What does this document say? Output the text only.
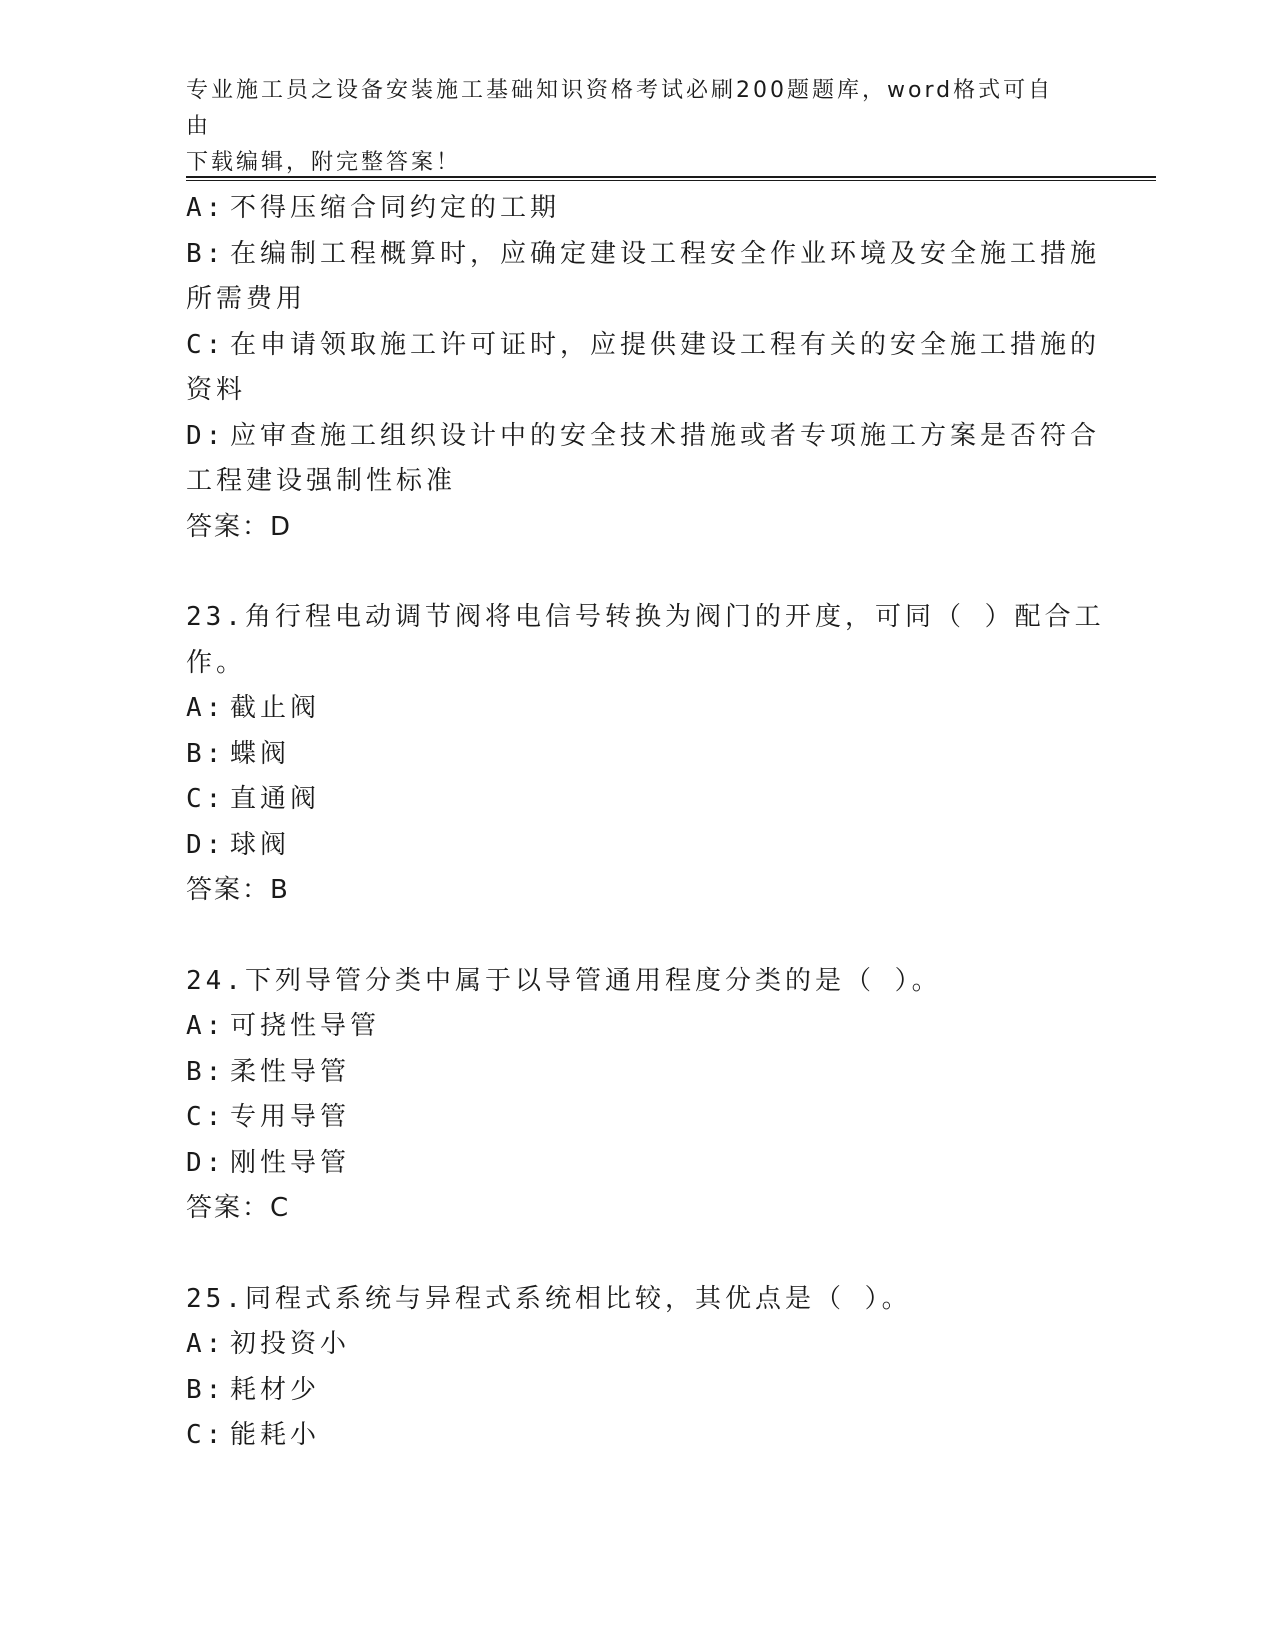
专业施工员之设备安装施工基础知识资格考试必刷200题题库，word格式可自由
下载编辑，附完整答案！
A: 不得压缩合同约定的工期
B: 在编制工程概算时，应确定建设工程安全作业环境及安全施工措施
所需费用
C: 在申请领取施工许可证时，应提供建设工程有关的安全施工措施的
资料
D: 应审查施工组织设计中的安全技术措施或者专项施工方案是否符合
工程建设强制性标准
答案：D
23.角行程电动调节阀将电信号转换为阀门的开度，可同（ ）配合工
作。
A: 截止阀
B: 蝶阀
C: 直通阀
D: 球阀
答案：B
24.下列导管分类中属于以导管通用程度分类的是（ ）。
A: 可挠性导管
B: 柔性导管
C: 专用导管
D: 刚性导管
答案：C
25.同程式系统与异程式系统相比较，其优点是（ ）。
A: 初投资小
B: 耗材少
C: 能耗小
